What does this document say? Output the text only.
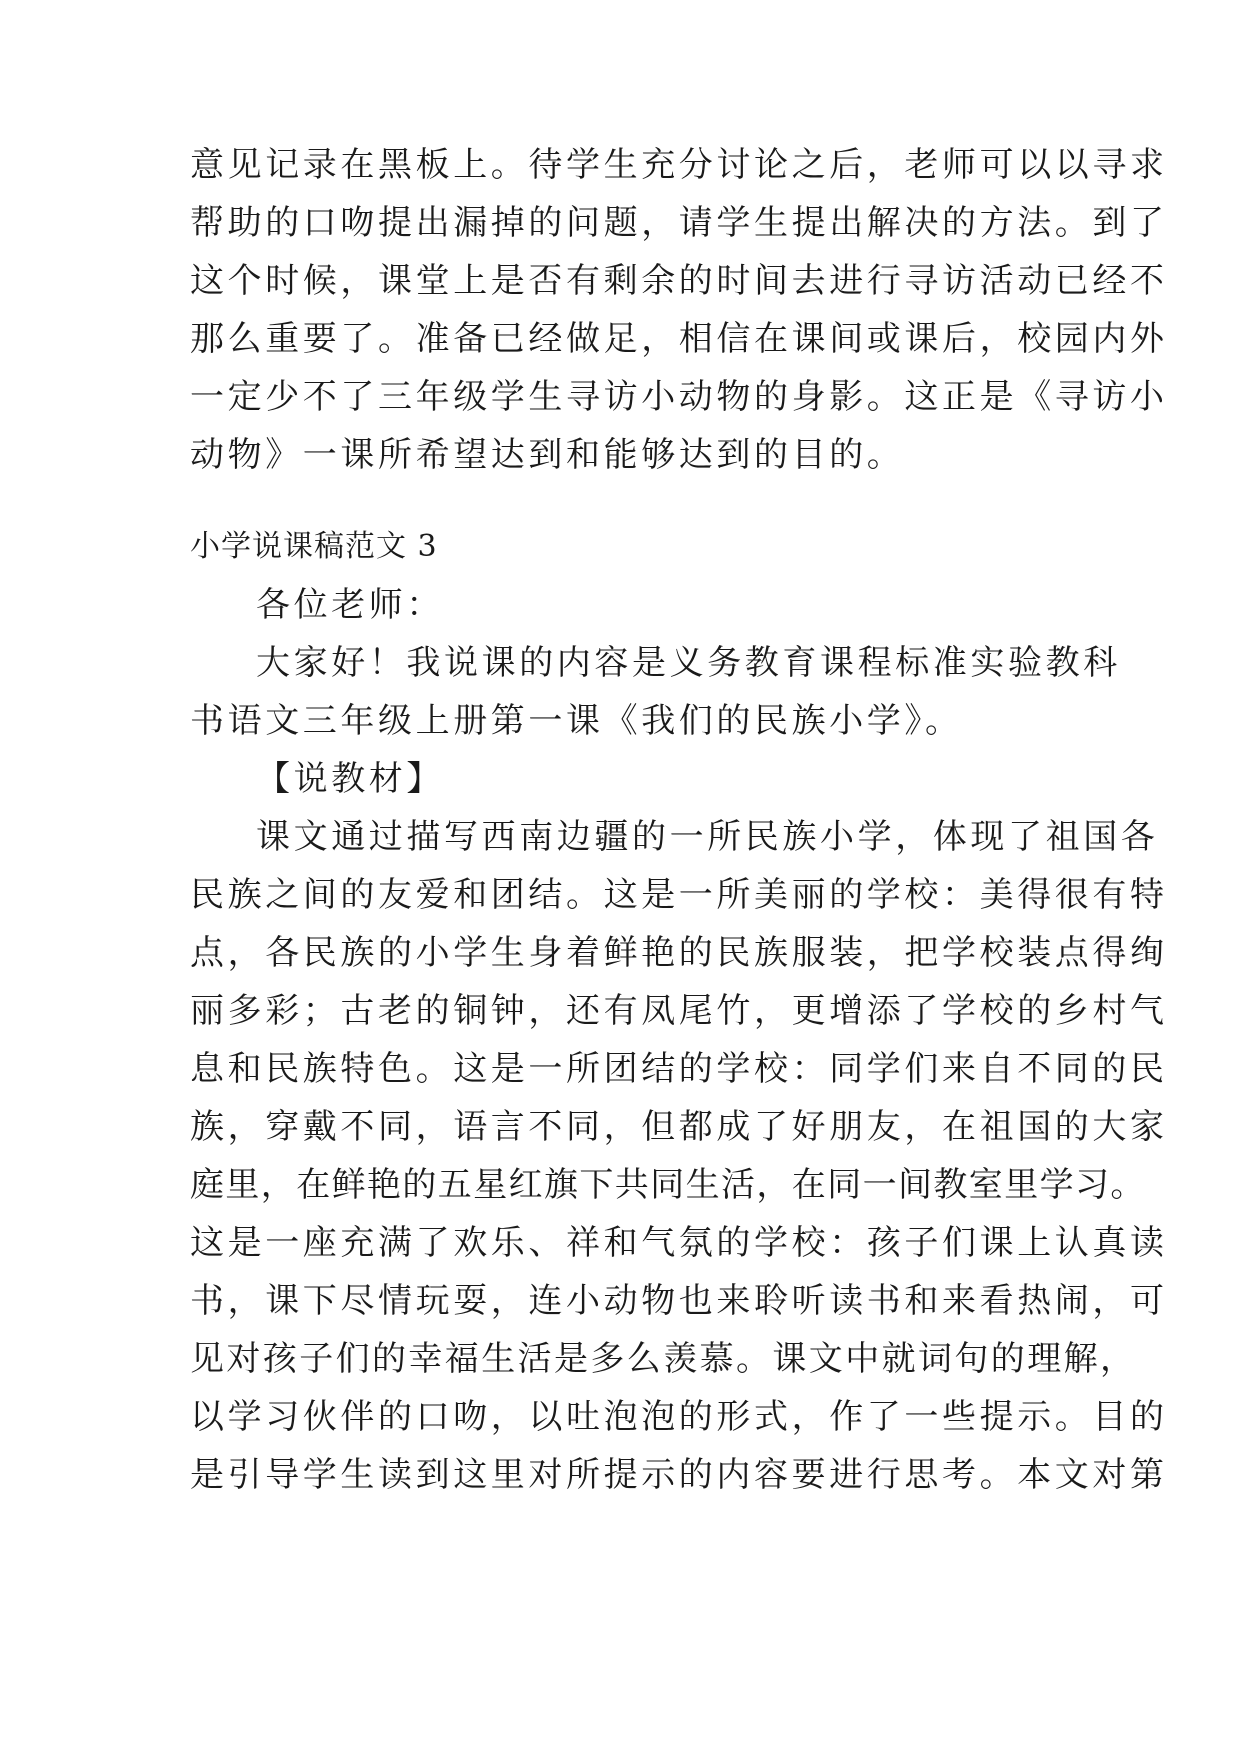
意见记录在黑板上。待学生充分讨论之后，老师可以以寻求
帮助的口吻提出漏掉的问题，请学生提出解决的方法。到了
这个时候，课堂上是否有剩余的时间去进行寻访活动已经不
那么重要了。准备已经做足，相信在课间或课后，校园内外
一定少不了三年级学生寻访小动物的身影。这正是《寻访小
动物》一课所希望达到和能够达到的目的。
小学说课稿范文 3
各位老师：
大家好！我说课的内容是义务教育课程标准实验教科
书语文三年级上册第一课《我们的民族小学》。
【说教材】
课文通过描写西南边疆的一所民族小学，体现了祖国各
民族之间的友爱和团结。这是一所美丽的学校：美得很有特
点，各民族的小学生身着鲜艳的民族服装，把学校装点得绚
丽多彩；古老的铜钟，还有凤尾竹，更增添了学校的乡村气
息和民族特色。这是一所团结的学校：同学们来自不同的民
族，穿戴不同，语言不同，但都成了好朋友，在祖国的大家
庭里，在鲜艳的五星红旗下共同生活，在同一间教室里学习。
这是一座充满了欢乐、祥和气氛的学校：孩子们课上认真读
书，课下尽情玩耍，连小动物也来聆听读书和来看热闹，可
见对孩子们的幸福生活是多么羡慕。课文中就词句的理解，
以学习伙伴的口吻，以吐泡泡的形式，作了一些提示。目的
是引导学生读到这里对所提示的内容要进行思考。本文对第
